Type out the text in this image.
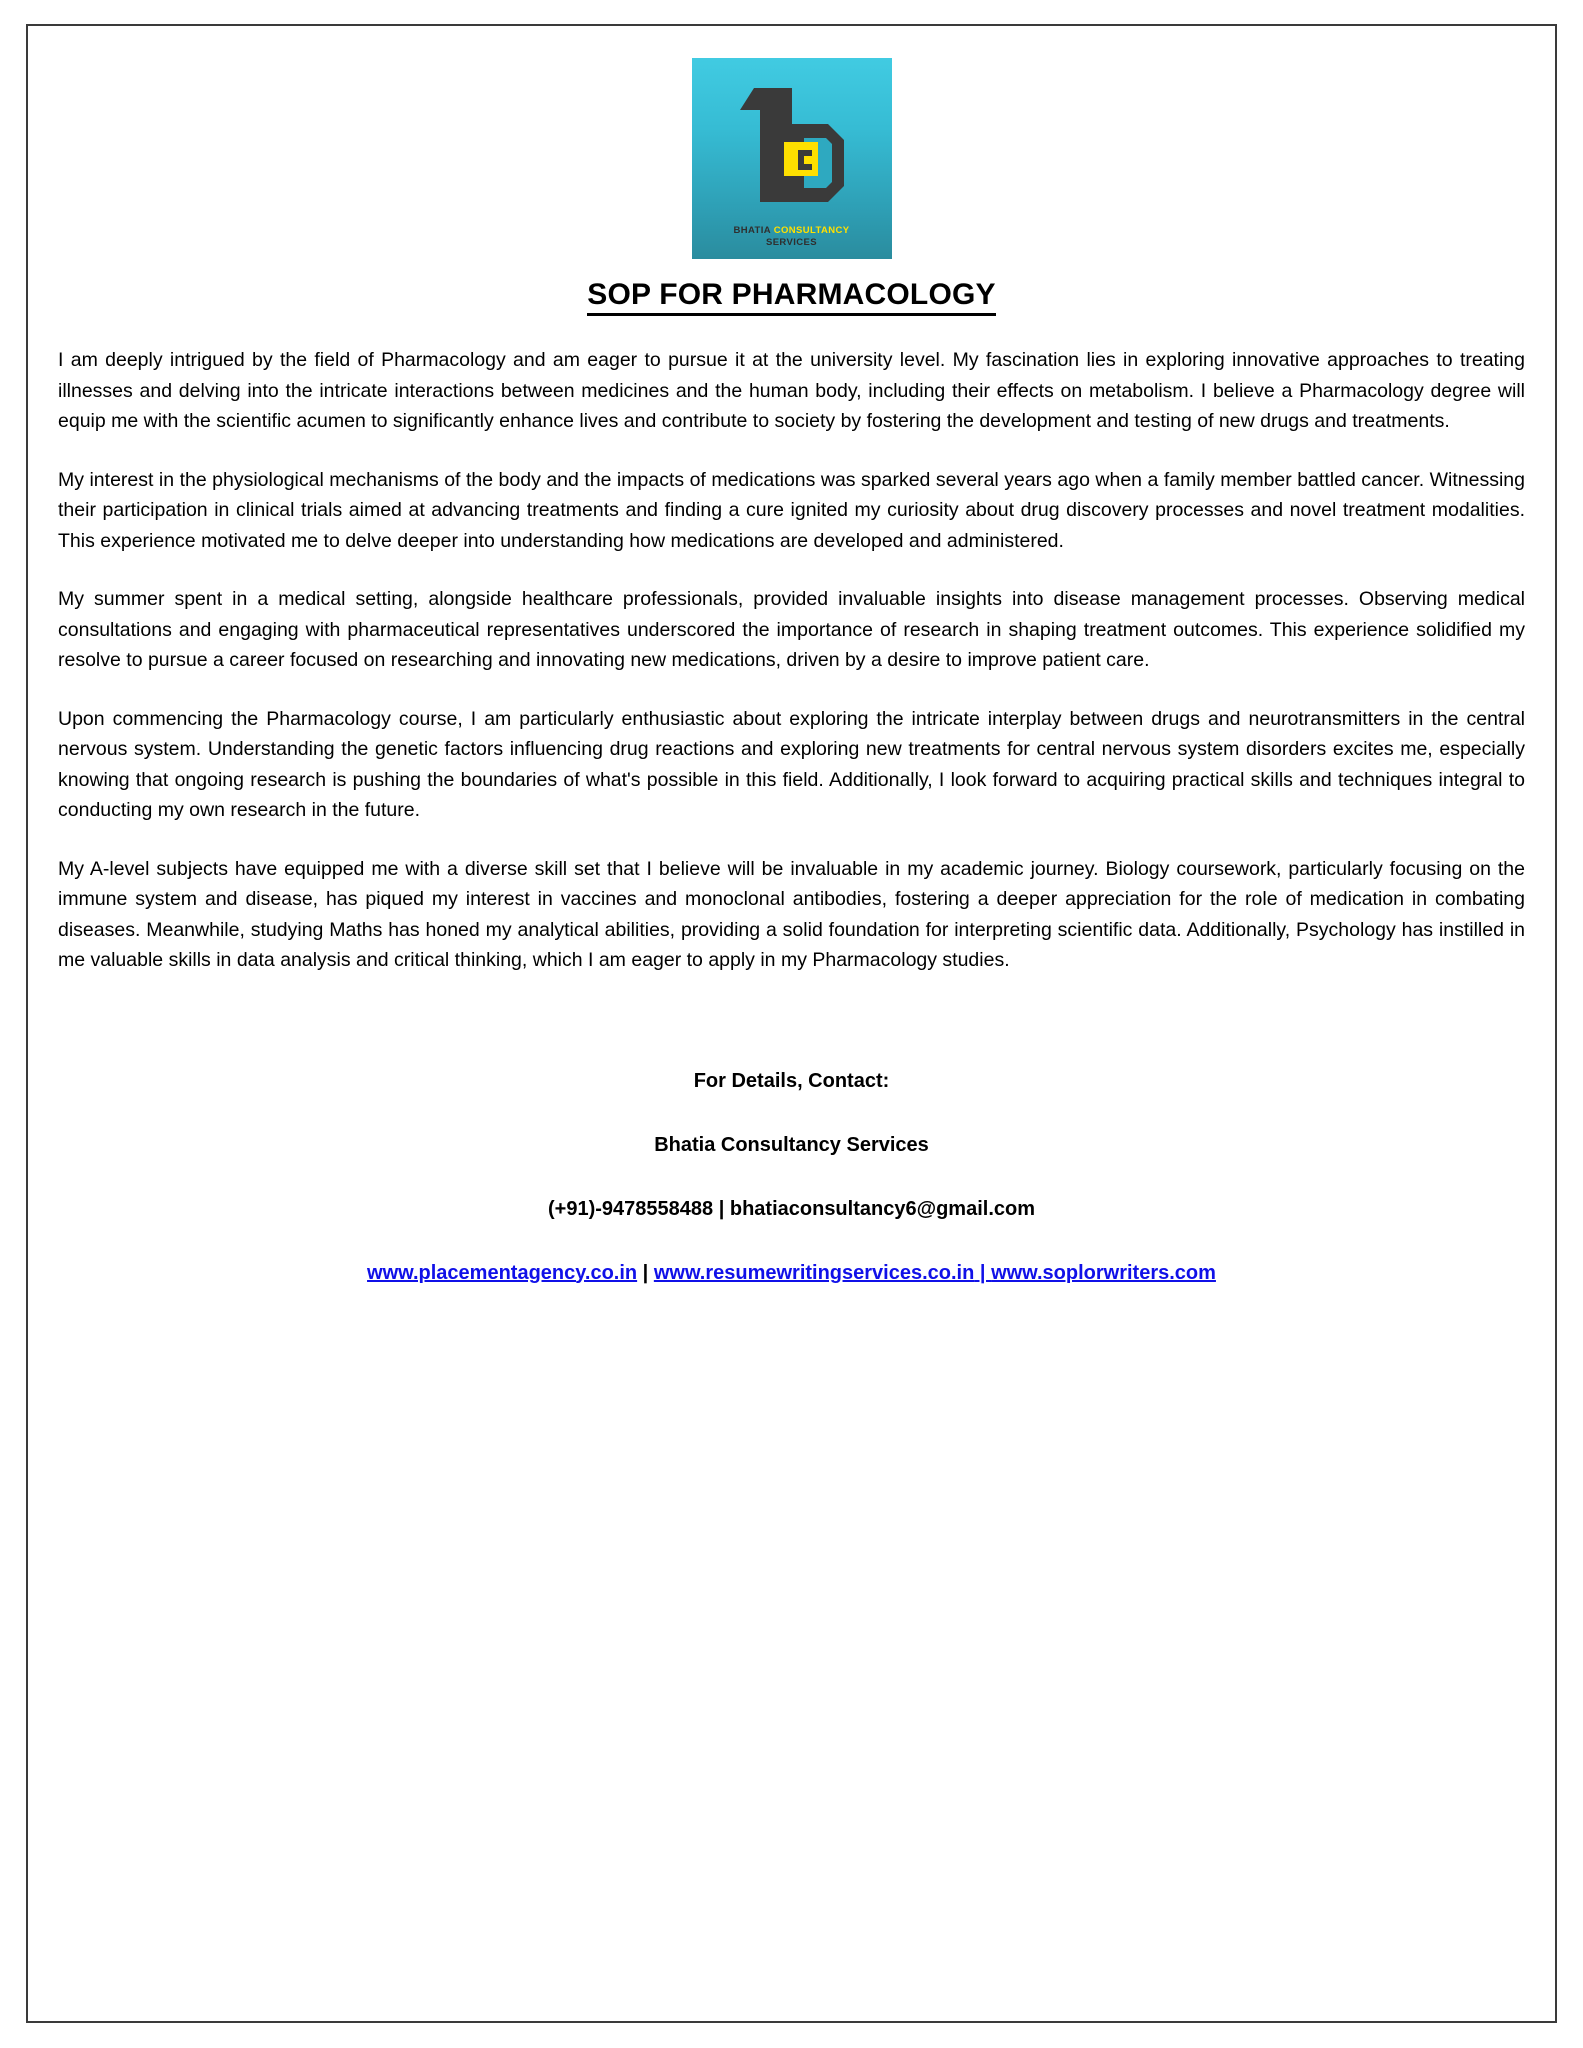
BHATIA CONSULTANCY
SERVICES
SOP FOR PHARMACOLOGY

I am deeply intrigued by the field of Pharmacology and am eager to pursue it at the university level. My fascination lies in exploring innovative approaches to treating illnesses and delving into the intricate interactions between medicines and the human body, including their effects on metabolism. I believe a Pharmacology degree will equip me with the scientific acumen to significantly enhance lives and contribute to society by fostering the development and testing of new drugs and treatments.

My interest in the physiological mechanisms of the body and the impacts of medications was sparked several years ago when a family member battled cancer. Witnessing their participation in clinical trials aimed at advancing treatments and finding a cure ignited my curiosity about drug discovery processes and novel treatment modalities. This experience motivated me to delve deeper into understanding how medications are developed and administered.

My summer spent in a medical setting, alongside healthcare professionals, provided invaluable insights into disease management processes. Observing medical consultations and engaging with pharmaceutical representatives underscored the importance of research in shaping treatment outcomes. This experience solidified my resolve to pursue a career focused on researching and innovating new medications, driven by a desire to improve patient care.

Upon commencing the Pharmacology course, I am particularly enthusiastic about exploring the intricate interplay between drugs and neurotransmitters in the central nervous system. Understanding the genetic factors influencing drug reactions and exploring new treatments for central nervous system disorders excites me, especially knowing that ongoing research is pushing the boundaries of what's possible in this field. Additionally, I look forward to acquiring practical skills and techniques integral to conducting my own research in the future.

My A-level subjects have equipped me with a diverse skill set that I believe will be invaluable in my academic journey. Biology coursework, particularly focusing on the immune system and disease, has piqued my interest in vaccines and monoclonal antibodies, fostering a deeper appreciation for the role of medication in combating diseases. Meanwhile, studying Maths has honed my analytical abilities, providing a solid foundation for interpreting scientific data. Additionally, Psychology has instilled in me valuable skills in data analysis and critical thinking, which I am eager to apply in my Pharmacology studies.

For Details, Contact:
Bhatia Consultancy Services
(+91)-9478558488 | bhatiaconsultancy6@gmail.com
www.placementagency.co.in | www.resumewritingservices.co.in | www.soplorwriters.com
